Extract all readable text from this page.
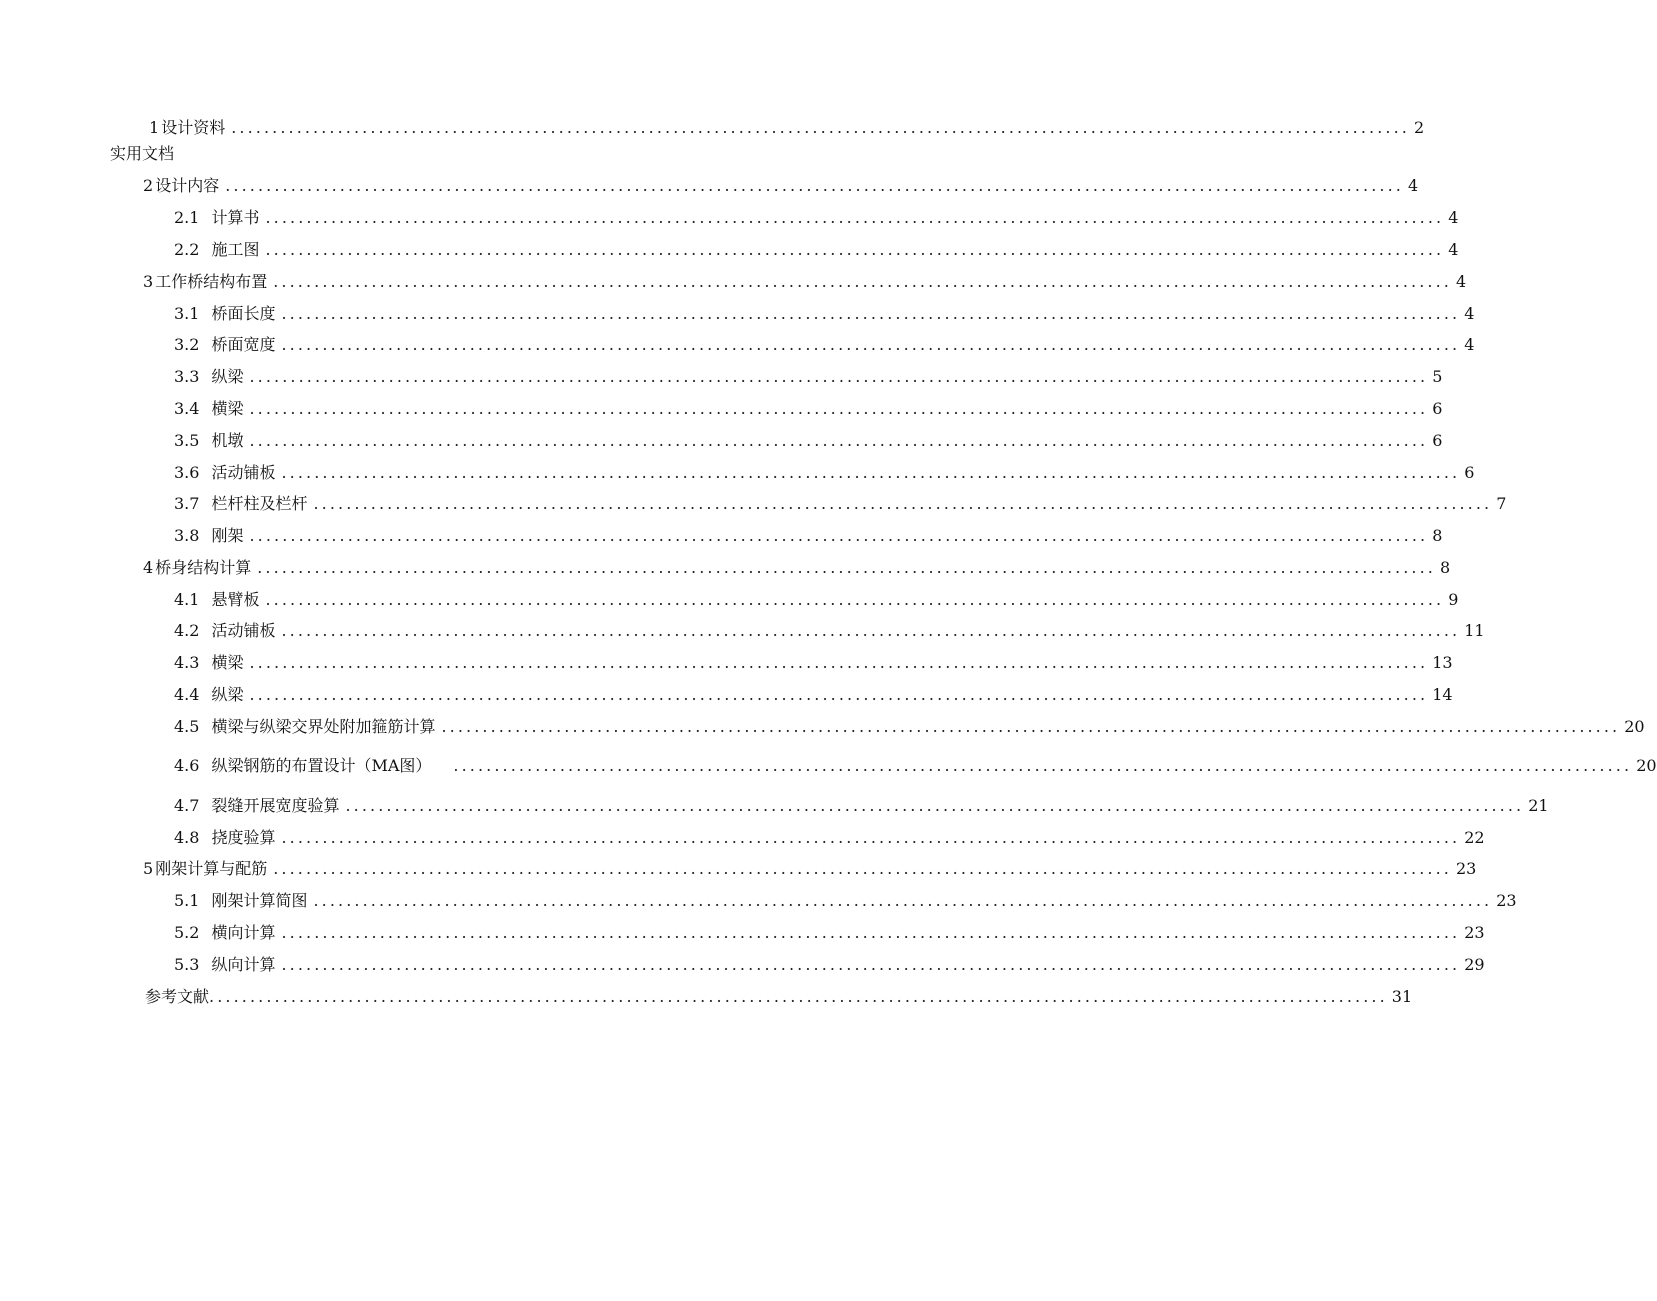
1 设计资料 ................................................................................................................................................ 2
实用文档
2 设计内容 ................................................................................................................................................ 4
2.1 计算书 ................................................................................................................................................ 4
2.2 施工图 ................................................................................................................................................ 4
3 工作桥结构布置 ................................................................................................................................................ 4
3.1 桥面长度 ................................................................................................................................................ 4
3.2 桥面宽度 ................................................................................................................................................ 4
3.3 纵梁 ................................................................................................................................................ 5
3.4 横梁 ................................................................................................................................................ 6
3.5 机墩 ................................................................................................................................................ 6
3.6 活动铺板 ................................................................................................................................................ 6
3.7 栏杆柱及栏杆 ................................................................................................................................................ 7
3.8 刚架 ................................................................................................................................................ 8
4 桥身结构计算 ................................................................................................................................................ 8
4.1 悬臂板 ................................................................................................................................................ 9
4.2 活动铺板 ................................................................................................................................................ 11
4.3 横梁 ................................................................................................................................................ 13
4.4 纵梁 ................................................................................................................................................ 14
4.5 横梁与纵梁交界处附加箍筋计算 ................................................................................................................................................ 20
4.6 纵梁钢筋的布置设计（MA图） ................................................................................................................................................ 20
4.7 裂缝开展宽度验算 ................................................................................................................................................ 21
4.8 挠度验算 ................................................................................................................................................ 22
5 刚架计算与配筋 ................................................................................................................................................ 23
5.1 刚架计算简图 ................................................................................................................................................ 23
5.2 横向计算 ................................................................................................................................................ 23
5.3 纵向计算 ................................................................................................................................................ 29
参考文献 ................................................................................................................................................ 31
